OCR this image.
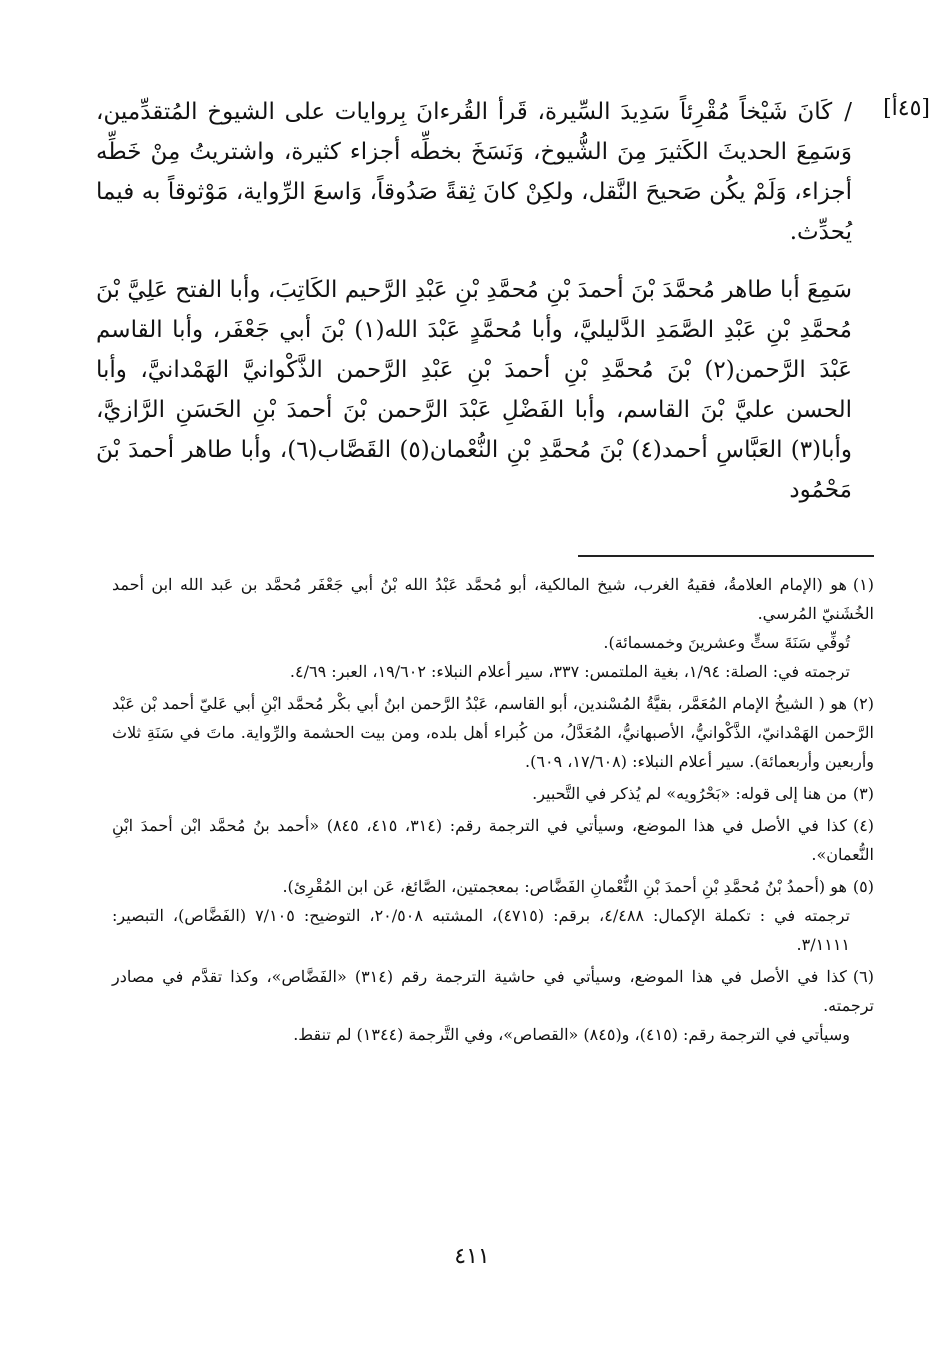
[٤٥أ]

/كَانَ شَيْخاً مُقْرِئاً سَدِيدَ السِّيرة، قَرأ القُرءانَ بِروايات على الشيوخ المُتقدِّمين، وَسَمِعَ الحديثَ الكَثيرَ مِنَ الشُّيوخ، وَنَسَخَ بخطِّه أجزاء كثيرة، واشتريتُ مِنْ خَطِّه أجزاء، وَلَمْ يكُن صَحيحَ النَّقل، ولكِنْ كانَ ثِقةً صَدُوقاً، وَاسعَ الرِّواية، مَوْثوقاً به فيما يُحدِّث.

سَمِعَ أبا طاهر مُحمَّدَ بْنَ أحمدَ بْنِ مُحمَّدِ بْنِ عَبْدِ الرَّحيم الكَاتِبَ، وأبا الفتح عَلِيَّ بْنَ مُحمَّدِ بْنِ عَبْدِ الصَّمَدِ الدَّليليَّ، وأبا مُحمَّدٍ عَبْدَ الله(١) بْنَ أبي جَعْفَر، وأبا القاسم عَبْدَ الرَّحمن(٢) بْنَ مُحمَّدِ بْنِ أحمدَ بْنِ عَبْدِ الرَّحمن الذَّكْوانيَّ الهَمْدانيَّ، وأبا الحسن عليَّ بْنَ القاسم، وأبا الفَضْلِ عَبْدَ الرَّحمن بْنَ أحمدَ بْنِ الحَسَنِ الرَّازيَّ، وأبا(٣) العَبَّاسِ أحمد(٤) بْنَ مُحمَّدِ بْنِ النُّعْمان(٥) القَصَّاب(٦)، وأبا طاهر أحمدَ بْنَ مَحْمُود

(١)هو (الإمام العلامةُ، فقيهُ الغرب، شيخ المالكية، أبو مُحمَّد عَبْدُ الله بْنُ أبي جَعْفَر مُحمَّد بن عَبد الله ابن أحمد الخُشَنيّ المُرسي.

تُوفِّي سَنَةَ ستٍّ وعشرينَ وخمسمائة).

ترجمته في: الصلة: ١/٩٤، بغية الملتمس: ٣٣٧، سير أعلام النبلاء: ١٩/٦٠٢، العبر: ٤/٦٩.

(٢)هو ( الشيخُ الإمام المُعَمَّر، بقيَّةُ المُسْندين، أبو القاسم، عَبْدُ الرَّحمن ابنُ أبي بكْر مُحمَّد ابْنِ أبي عَليّ أحمد بْن عَبْد الرَّحمن الهَمْدانيّ، الذَّكْوانيُّ، الأصبهانيُّ، المُعَدَّلُ، من كُبراء أهل بلده، ومن بيت الحشمة والرِّواية. ماتَ في سَنَةِ ثلاث وأربعين وأربعمائة). سير أعلام النبلاء: (١٧/٦٠٨، ٦٠٩).

(٣)من هنا إلى قوله: «بَحْرُويه» لم يُذكر في التَّحبير.

(٤)كذا في الأصل في هذا الموضع، وسيأتي في الترجمة رقم: (٣١٤، ٤١٥، ٨٤٥) «أحمد بنُ مُحمَّد ابْن أحمدَ ابْنِ النُّعمان».

(٥)هو (أحمدُ بْنُ مُحمَّدِ بْنِ أحمدَ بْنِ النُّعْمانِ الفَضَّاص: بمعجمتين، الصَّائغ، عَن ابن المُقْرِئ).

ترجمته في : تكملة الإكمال: ٤/٤٨٨، برقم: (٤٧١٥)، المشتبه ٢٠/٥٠٨، التوضيح: ٧/١٠٥ (الفَضَّاص)، التبصير: ٣/١١١١.

(٦)كذا في الأصل في هذا الموضع، وسيأتي في حاشية الترجمة رقم (٣١٤) «الفَضَّاص»، وكذا تقدَّم في مصادر ترجمته.

وسيأتي في الترجمة رقم: (٤١٥)، و(٨٤٥) «القصاص»، وفي التَّرجمة (١٣٤٤) لم تنقط.

٤١١
